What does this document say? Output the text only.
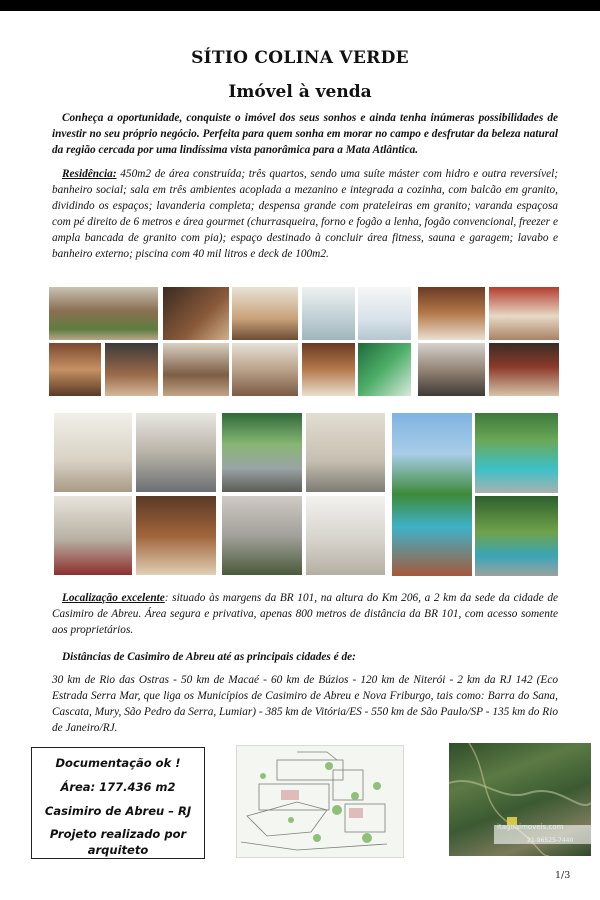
SÍTIO COLINA VERDE
Imóvel à venda
Conheça a oportunidade, conquiste o imóvel dos seus sonhos e ainda tenha inúmeras possibilidades de investir no seu próprio negócio. Perfeita para quem sonha em morar no campo e desfrutar da beleza natural da região cercada por uma lindíssima vista panorâmica para a Mata Atlântica.
Residência: 450m2 de área construída; três quartos, sendo uma suíte máster com hidro e outra reversível; banheiro social; sala em três ambientes acoplada a mezanino e integrada a cozinha, com balcão em granito, dividindo os espaços; lavanderia completa; despensa grande com prateleiras em granito; varanda espaçosa com pé direito de 6 metros e área gourmet (churrasqueira, forno e fogão a lenha, fogão convencional, freezer e ampla bancada de granito com pia); espaço destinado à concluir área fitness, sauna e garagem; lavabo e banheiro externo; piscina com 40 mil litros e deck de 100m2.
Localização excelente: situado às margens da BR 101, na altura do Km 206, a 2 km da sede da cidade de Casimiro de Abreu. Área segura e privativa, apenas 800 metros de distância da BR 101, com acesso somente aos proprietários.
Distâncias de Casimiro de Abreu até as principais cidades é de:
30 km de Rio das Ostras - 50 km de Macaé - 60 km de Búzios - 120 km de Niterói - 2 km da RJ 142 (Eco Estrada Serra Mar, que liga os Municípios de Casimiro de Abreu e Nova Friburgo, tais como: Barra do Sana, Cascata, Mury, São Pedro da Serra, Lumiar) - 385 km de Vitória/ES - 550 km de São Paulo/SP - 135 km do Rio de Janeiro/RJ.
Documentação ok !
Área: 177.436 m2
Casimiro de Abreu – RJ
Projeto realizado por
arquiteto
itaguaimoveis.com
21-96525-7440
1/3
